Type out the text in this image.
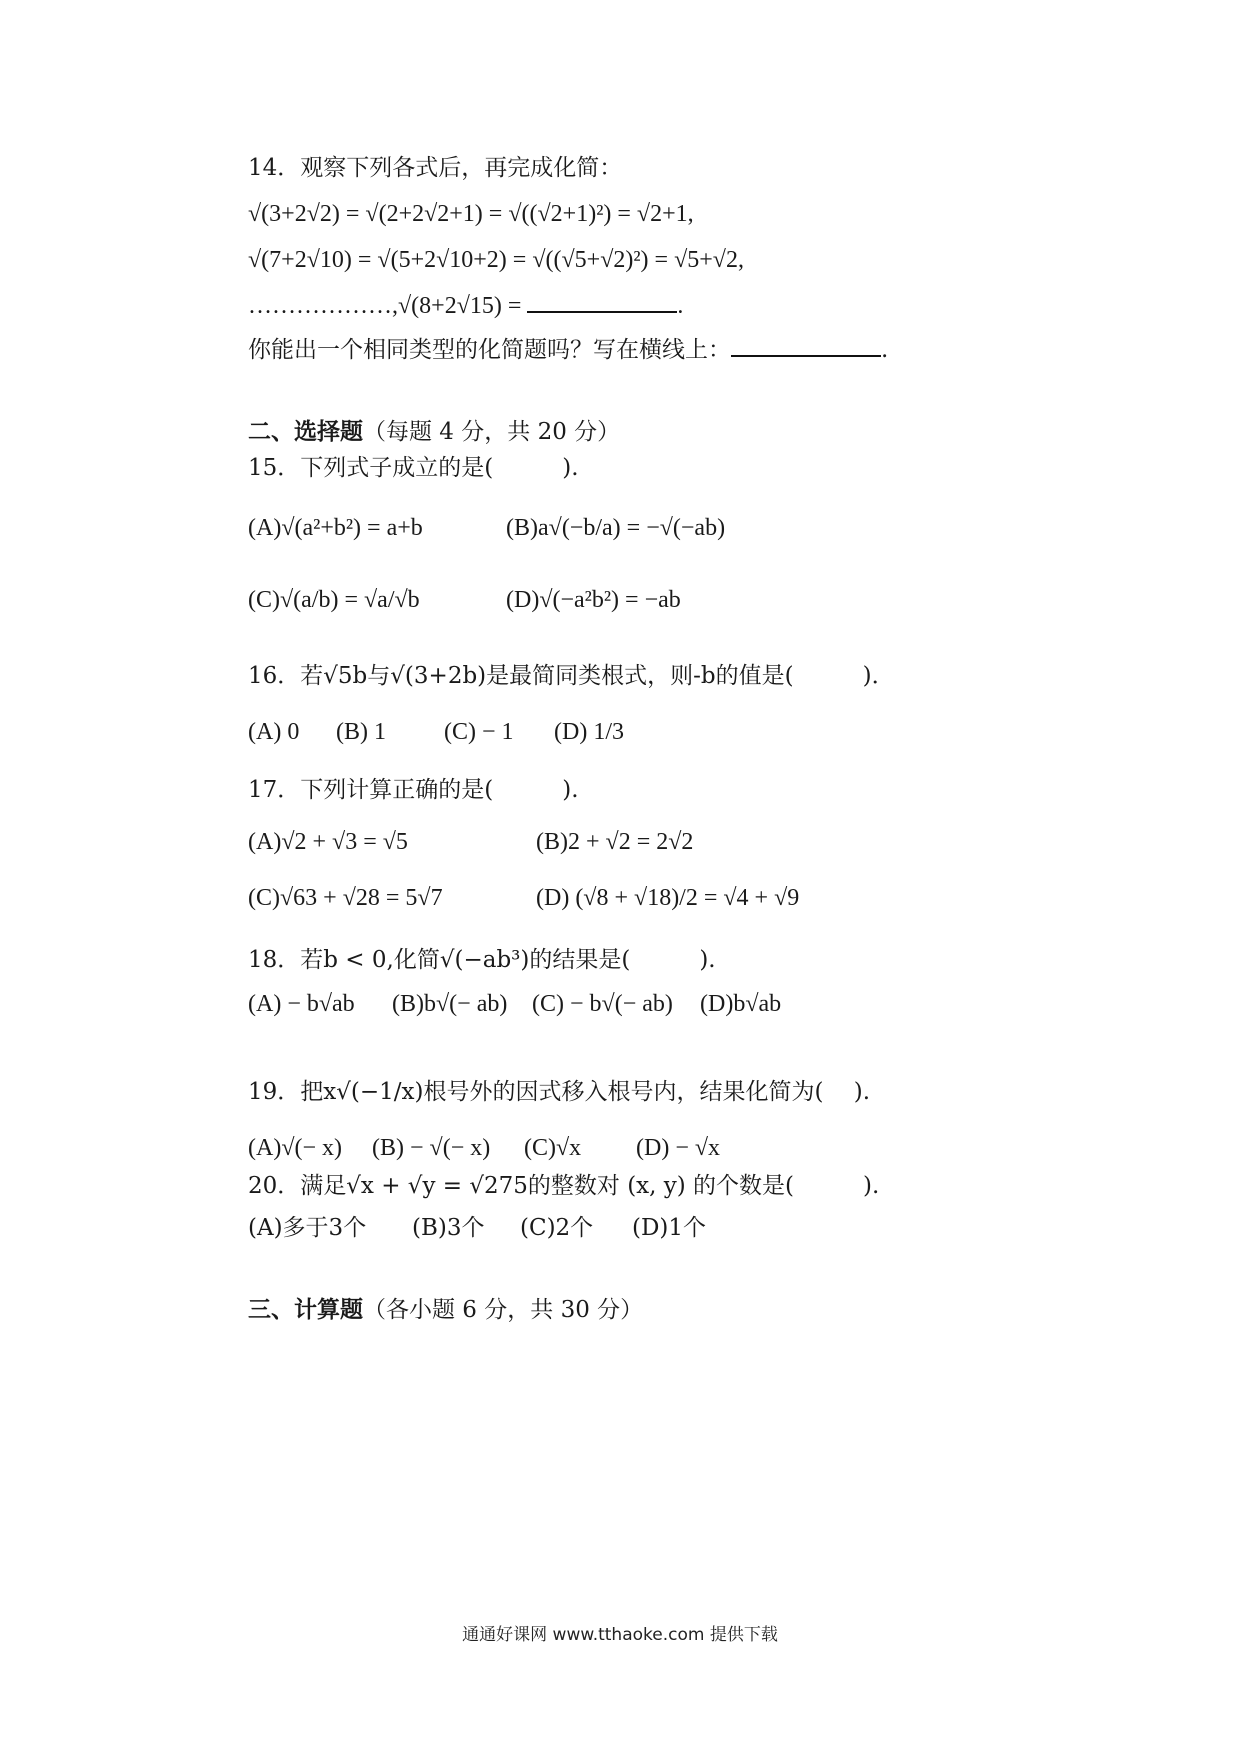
14．观察下列各式后，再完成化简：
√(3+2√2) = √(2+2√2+1) = √((√2+1)²) = √2+1,
√(7+2√10) = √(5+2√10+2) = √((√5+√2)²) = √5+√2,
………………,√(8+2√15) =	.
你能出一个相同类型的化简题吗？写在横线上：	.
二、选择题（每题 4 分，共 20 分）
15．下列式子成立的是(　　　).
(A)√(a²+b²) = a+b	(B)a√(−b/a) = −√(−ab)
(C)√(a/b) = √a/√b	(D)√(−a²b²) = −ab
16．若√5b与√(3+2b)是最简同类根式，则-b的值是(　　　)．
(A) 0 (B) 1 (C) − 1 (D) 1/3
17．下列计算正确的是(　　　).
(A)√2 + √3 = √5	(B)2 + √2 = 2√2
(C)√63 + √28 = 5√7	(D) (√8 + √18)/2 = √4 + √9
18．若b < 0,化简√(−ab³)的结果是(　　　).
(A) − b√ab (B)b√(− ab) (C) − b√(− ab) (D)b√ab
19．把x√(−1/x)根号外的因式移入根号内，结果化简为(　 ).
(A)√(− x) (B) − √(− x) (C)√x (D) − √x
20．满足√x + √y = √275的整数对 (x, y) 的个数是(　　　).
(A)多于3个 (B)3个 (C)2个 (D)1个
三、计算题（各小题 6 分，共 30 分）
通通好课网 www.tthaoke.com 提供下载
